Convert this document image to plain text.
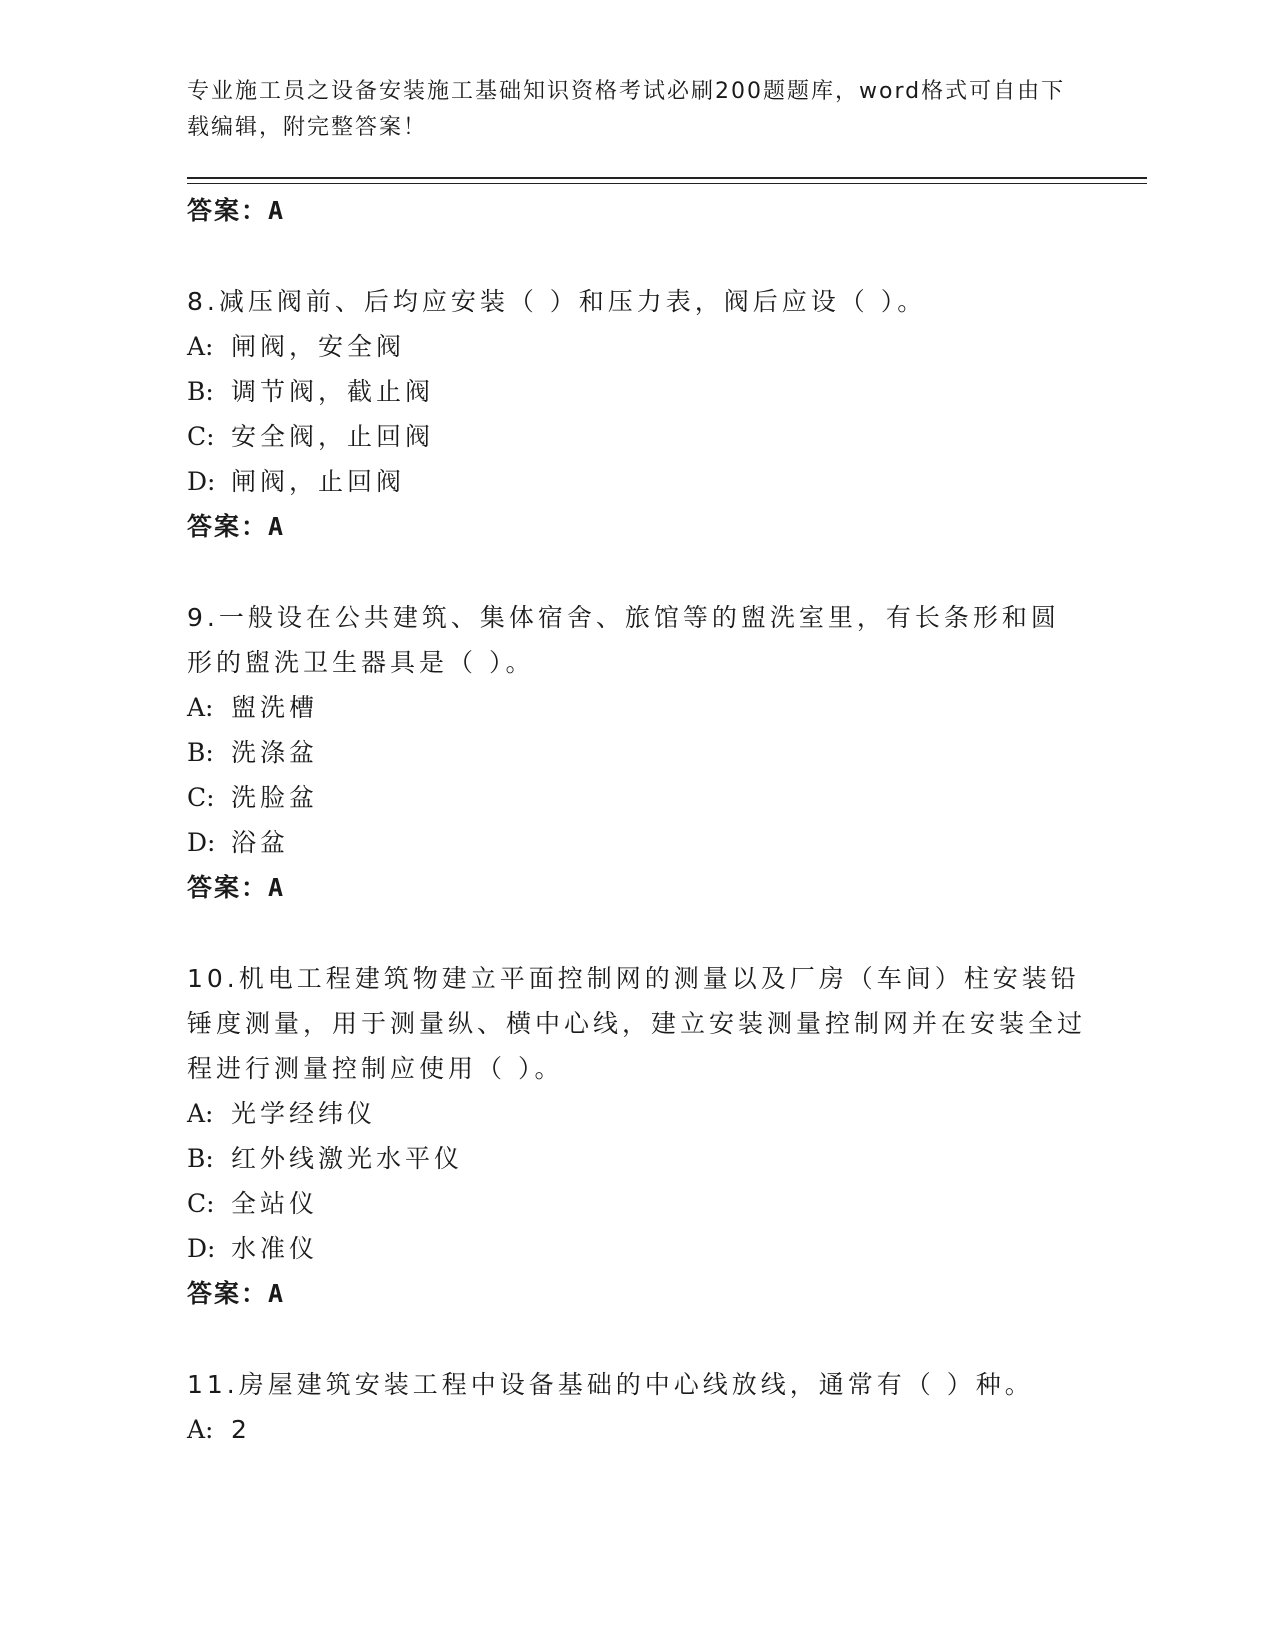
专业施工员之设备安装施工基础知识资格考试必刷200题题库，word格式可自由下载编辑，附完整答案！

答案：A

8.减压阀前、后均应安装（ ）和压力表，阀后应设（ ）。

A: 闸阀，安全阀

B: 调节阀，截止阀

C: 安全阀，止回阀

D: 闸阀，止回阀

答案：A

9.一般设在公共建筑、集体宿舍、旅馆等的盥洗室里，有长条形和圆形的盥洗卫生器具是（ ）。

A: 盥洗槽

B: 洗涤盆

C: 洗脸盆

D: 浴盆

答案：A

10.机电工程建筑物建立平面控制网的测量以及厂房（车间）柱安装铅锤度测量，用于测量纵、横中心线，建立安装测量控制网并在安装全过程进行测量控制应使用（ ）。

A: 光学经纬仪

B: 红外线激光水平仪

C: 全站仪

D: 水准仪

答案：A

11.房屋建筑安装工程中设备基础的中心线放线，通常有（ ）种。

A: 2
